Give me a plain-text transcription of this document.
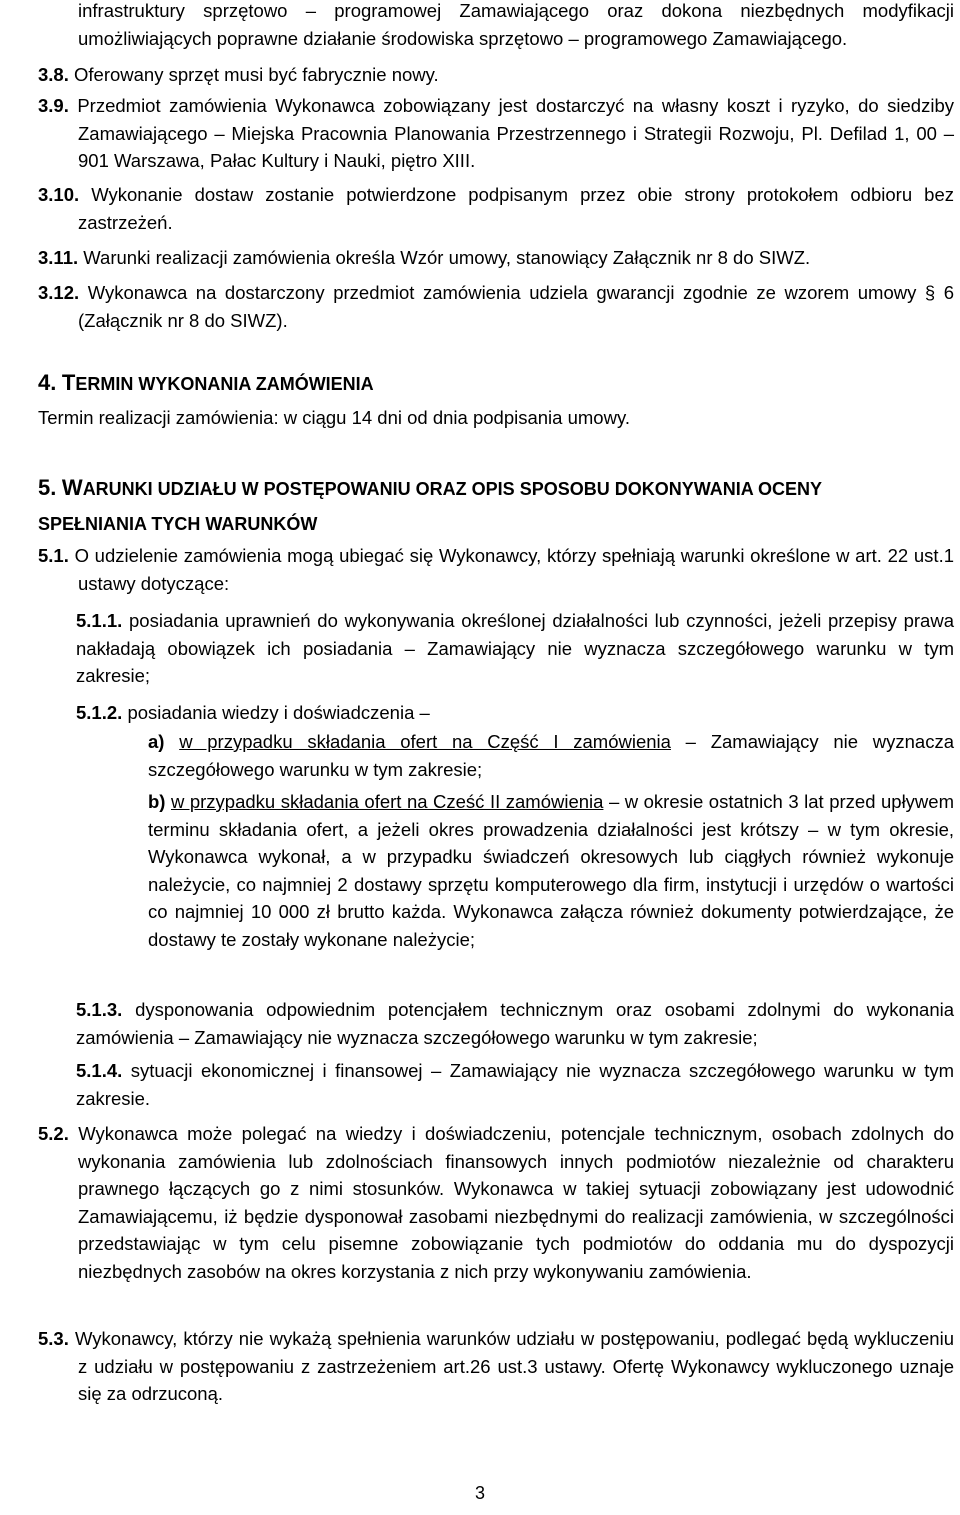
infrastruktury sprzętowo – programowej Zamawiającego oraz dokona niezbędnych modyfikacji
umożliwiających poprawne działanie środowiska sprzętowo – programowego Zamawiającego.
3.8. Oferowany sprzęt musi być fabrycznie nowy.
3.9. Przedmiot zamówienia Wykonawca zobowiązany jest dostarczyć na własny koszt i ryzyko, do siedziby Zamawiającego – Miejska Pracownia Planowania Przestrzennego i Strategii Rozwoju, Pl. Defilad 1, 00 – 901 Warszawa, Pałac Kultury i Nauki, piętro XIII.
3.10. Wykonanie dostaw zostanie potwierdzone podpisanym przez obie strony protokołem odbioru bez zastrzeżeń.
3.11. Warunki realizacji zamówienia określa Wzór umowy, stanowiący Załącznik nr 8 do SIWZ.
3.12. Wykonawca na dostarczony przedmiot zamówienia udziela gwarancji zgodnie ze wzorem umowy § 6 (Załącznik nr 8 do SIWZ).
4. TERMIN WYKONANIA ZAMÓWIENIA
Termin realizacji zamówienia: w ciągu 14 dni od dnia podpisania umowy.
5. WARUNKI UDZIAŁU W POSTĘPOWANIU ORAZ OPIS SPOSOBU DOKONYWANIA OCENY
SPEŁNIANIA TYCH WARUNKÓW
5.1. O udzielenie zamówienia mogą ubiegać się Wykonawcy, którzy spełniają warunki określone w art. 22 ust.1 ustawy dotyczące:
5.1.1. posiadania uprawnień do wykonywania określonej działalności lub czynności, jeżeli przepisy prawa nakładają obowiązek ich posiadania – Zamawiający nie wyznacza szczegółowego warunku w tym zakresie;
5.1.2. posiadania wiedzy i doświadczenia –
a) w przypadku składania ofert na Część I zamówienia – Zamawiający nie wyznacza szczegółowego warunku w tym zakresie;
b) w przypadku składania ofert na Cześć II zamówienia – w okresie ostatnich 3 lat przed upływem terminu składania ofert, a jeżeli okres prowadzenia działalności jest krótszy – w tym okresie, Wykonawca wykonał, a w przypadku świadczeń okresowych lub ciągłych również wykonuje należycie, co najmniej 2 dostawy sprzętu komputerowego dla firm, instytucji i urzędów o wartości co najmniej 10 000 zł brutto każda. Wykonawca załącza również dokumenty potwierdzające, że dostawy te zostały wykonane należycie;
5.1.3. dysponowania odpowiednim potencjałem technicznym oraz osobami zdolnymi do wykonania zamówienia – Zamawiający nie wyznacza szczegółowego warunku w tym zakresie;
5.1.4. sytuacji ekonomicznej i finansowej – Zamawiający nie wyznacza szczegółowego warunku w tym zakresie.
5.2. Wykonawca może polegać na wiedzy i doświadczeniu, potencjale technicznym, osobach zdolnych do wykonania zamówienia lub zdolnościach finansowych innych podmiotów niezależnie od charakteru prawnego łączących go z nimi stosunków. Wykonawca w takiej sytuacji zobowiązany jest udowodnić Zamawiającemu, iż będzie dysponował zasobami niezbędnymi do realizacji zamówienia, w szczególności przedstawiając w tym celu pisemne zobowiązanie tych podmiotów do oddania mu do dyspozycji niezbędnych zasobów na okres korzystania z nich przy wykonywaniu zamówienia.
5.3. Wykonawcy, którzy nie wykażą spełnienia warunków udziału w postępowaniu, podlegać będą wykluczeniu z udziału w postępowaniu z zastrzeżeniem art.26 ust.3 ustawy. Ofertę Wykonawcy wykluczonego uznaje się za odrzuconą.
3
